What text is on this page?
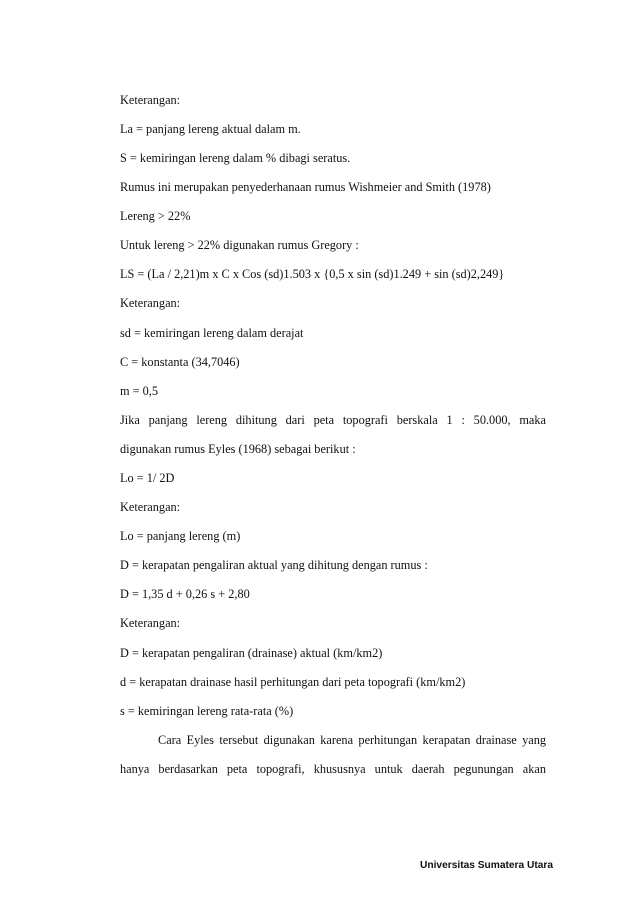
Keterangan:

La = panjang lereng aktual dalam m.

S = kemiringan lereng dalam % dibagi seratus.

Rumus ini merupakan penyederhanaan rumus Wishmeier and Smith (1978)

Lereng > 22%

Untuk lereng > 22% digunakan rumus Gregory :

LS = (La / 2,21)m x C x Cos (sd)1.503 x {0,5 x sin (sd)1.249 + sin (sd)2,249}

Keterangan:

sd = kemiringan lereng dalam derajat

C = konstanta (34,7046)

m = 0,5

Jika panjang lereng dihitung dari peta topografi berskala 1 : 50.000, maka

digunakan rumus Eyles (1968) sebagai berikut :

Lo = 1/ 2D

Keterangan:

Lo = panjang lereng (m)

D = kerapatan pengaliran aktual yang dihitung dengan rumus :

D = 1,35 d + 0,26 s + 2,80

Keterangan:

D = kerapatan pengaliran (drainase) aktual (km/km2)

d = kerapatan drainase hasil perhitungan dari peta topografi (km/km2)

s = kemiringan lereng rata-rata (%)

Cara Eyles tersebut digunakan karena perhitungan kerapatan drainase yang

hanya berdasarkan peta topografi, khususnya untuk daerah pegunungan akan

Universitas Sumatera Utara
